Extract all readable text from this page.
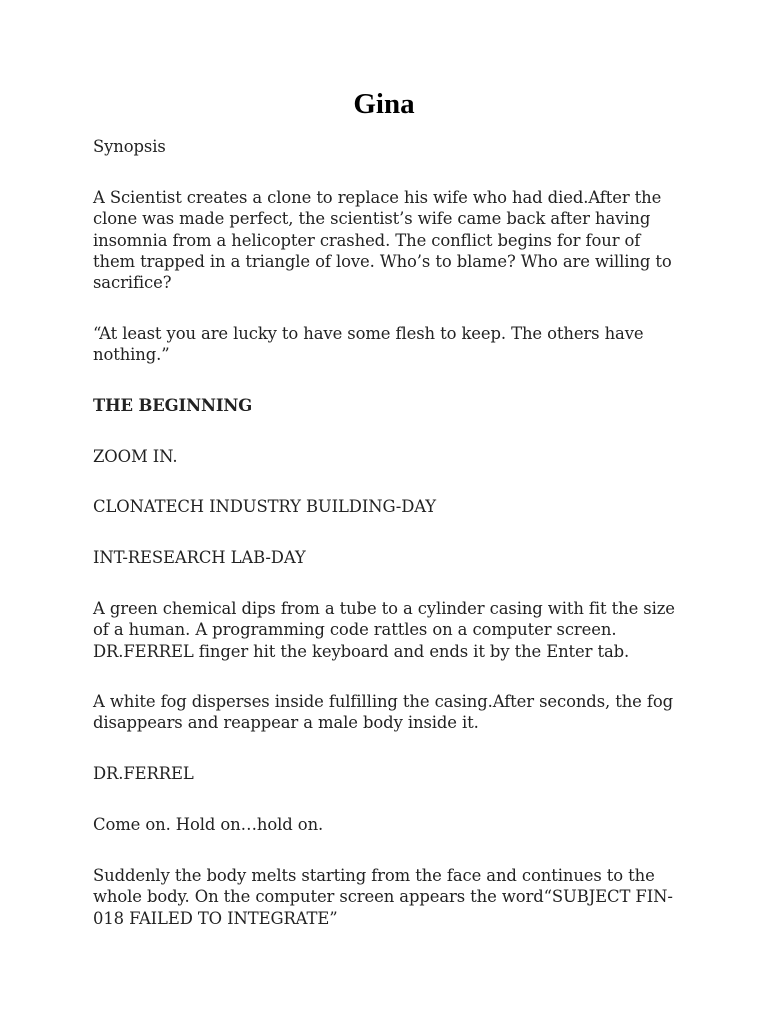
Gina

Synopsis

A Scientist creates a clone to replace his wife who had died.After the clone was made perfect, the scientist’s wife came back after having insomnia from a helicopter crashed. The conflict begins for four of them trapped in a triangle of love. Who’s to blame? Who are willing to sacrifice?

“At least you are lucky to have some flesh to keep. The others have nothing.”

THE BEGINNING

ZOOM IN.

CLONATECH INDUSTRY BUILDING-DAY

INT-RESEARCH LAB-DAY

A green chemical dips from a tube to a cylinder casing with fit the size of a human. A programming code rattles on a computer screen. DR.FERREL finger hit the keyboard and ends it by the Enter tab.

A white fog disperses inside fulfilling the casing.After seconds, the fog disappears and reappear a male body inside it.

DR.FERREL

Come on. Hold on…hold on.

Suddenly the body melts starting from the face and continues to the whole body. On the computer screen appears the word“SUBJECT FIN-018 FAILED TO INTEGRATE”
